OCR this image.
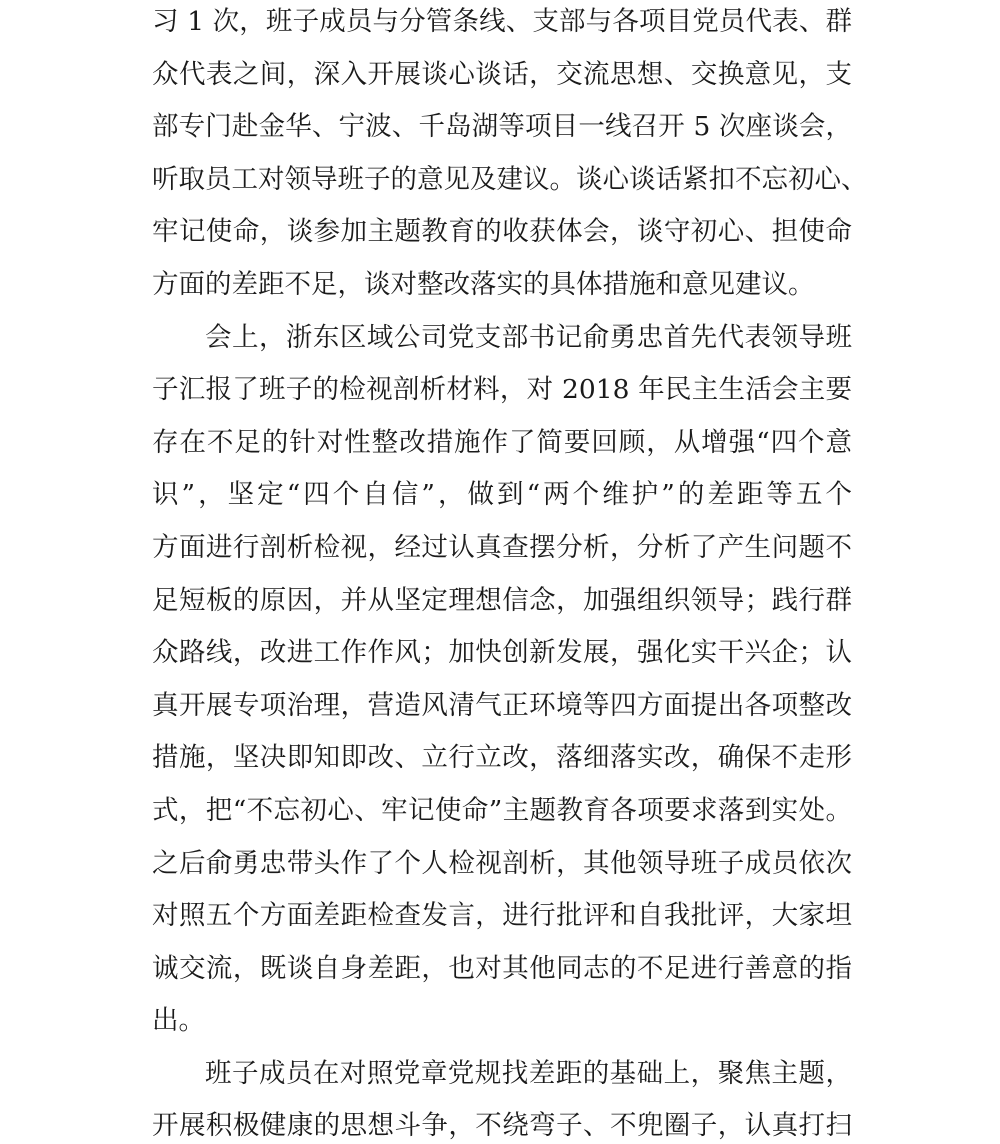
习 1 次，班子成员与分管条线、支部与各项目党员代表、群
众代表之间，深入开展谈心谈话，交流思想、交换意见，支
部专门赴金华、宁波、千岛湖等项目一线召开 5 次座谈会，
听取员工对领导班子的意见及建议。谈心谈话紧扣不忘初心、
牢记使命，谈参加主题教育的收获体会，谈守初心、担使命
方面的差距不足，谈对整改落实的具体措施和意见建议。
会上，浙东区域公司党支部书记俞勇忠首先代表领导班
子汇报了班子的检视剖析材料，对 2018 年民主生活会主要
存在不足的针对性整改措施作了简要回顾，从增强“四个意
识”，坚定“四个自信”，做到“两个维护”的差距等五个
方面进行剖析检视，经过认真查摆分析，分析了产生问题不
足短板的原因，并从坚定理想信念，加强组织领导；践行群
众路线，改进工作作风；加快创新发展，强化实干兴企；认
真开展专项治理，营造风清气正环境等四方面提出各项整改
措施，坚决即知即改、立行立改，落细落实改，确保不走形
式，把“不忘初心、牢记使命”主题教育各项要求落到实处。
之后俞勇忠带头作了个人检视剖析，其他领导班子成员依次
对照五个方面差距检查发言，进行批评和自我批评，大家坦
诚交流，既谈自身差距，也对其他同志的不足进行善意的指
出。
班子成员在对照党章党规找差距的基础上，聚焦主题，
开展积极健康的思想斗争，不绕弯子、不兜圈子，认真打扫
